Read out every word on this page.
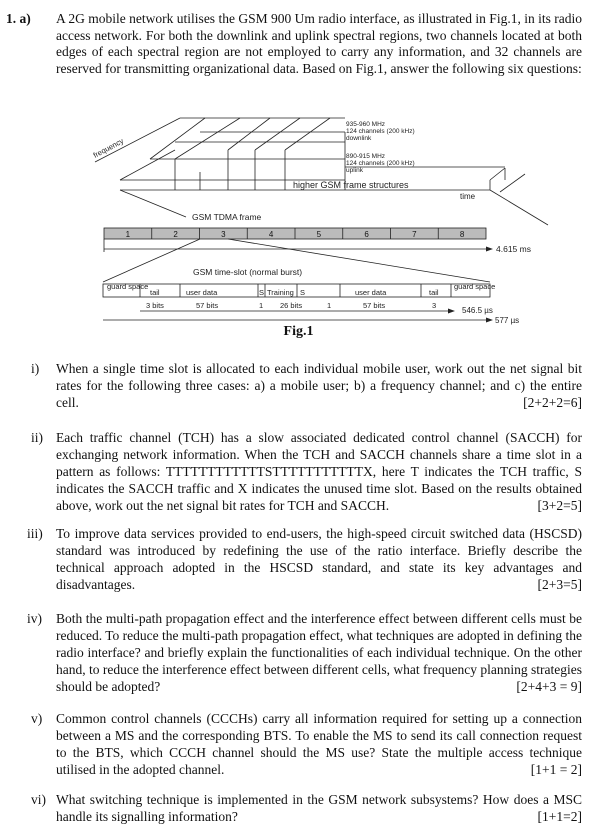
1. a) A 2G mobile network utilises the GSM 900 Um radio interface, as illustrated in Fig.1, in its radio access network. For both the downlink and uplink spectral regions, two channels located at both edges of each spectral region are not employed to carry any information, and 32 channels are reserved for transmitting organizational data. Based on Fig.1, answer the following six questions:
frequency
935-960 MHz
124 channels (200 kHz)
downlink
890-915 MHz
124 channels (200 kHz)
uplink
higher GSM frame structures
time
GSM TDMA frame
1	2	3	4	5	6	7	8
4.615 ms
GSM time-slot (normal burst)
guard space
tail	user data	S Training S	user data	tail
guard space
3 bits	57 bits	1 26 bits	1	57 bits	3
546.5 µs
577 µs
Fig.1
i) When a single time slot is allocated to each individual mobile user, work out the net signal bit rates for the following three cases: a) a mobile user; b) a frequency channel; and c) the entire cell.	[2+2+2=6]
ii) Each traffic channel (TCH) has a slow associated dedicated control channel (SACCH) for exchanging network information. When the TCH and SACCH channels share a time slot in a pattern as follows: TTTTTTTTTTTTSTTTTTTTTTTTX, here T indicates the TCH traffic, S indicates the SACCH traffic and X indicates the unused time slot. Based on the results obtained above, work out the net signal bit rates for TCH and SACCH.	[3+2=5]
iii) To improve data services provided to end-users, the high-speed circuit switched data (HSCSD) standard was introduced by redefining the use of the ratio interface. Briefly describe the technical approach adopted in the HSCSD standard, and state its key advantages and disadvantages.	[2+3=5]
iv) Both the multi-path propagation effect and the interference effect between different cells must be reduced. To reduce the multi-path propagation effect, what techniques are adopted in defining the radio interface? and briefly explain the functionalities of each individual technique. On the other hand, to reduce the interference effect between different cells, what frequency planning strategies should be adopted?	[2+4+3 = 9]
v) Common control channels (CCCHs) carry all information required for setting up a connection between a MS and the corresponding BTS. To enable the MS to send its call connection request to the BTS, which CCCH channel should the MS use? State the multiple access technique utilised in the adopted channel.	[1+1 = 2]
vi) What switching technique is implemented in the GSM network subsystems? How does a MSC handle its signalling information?	[1+1=2]
